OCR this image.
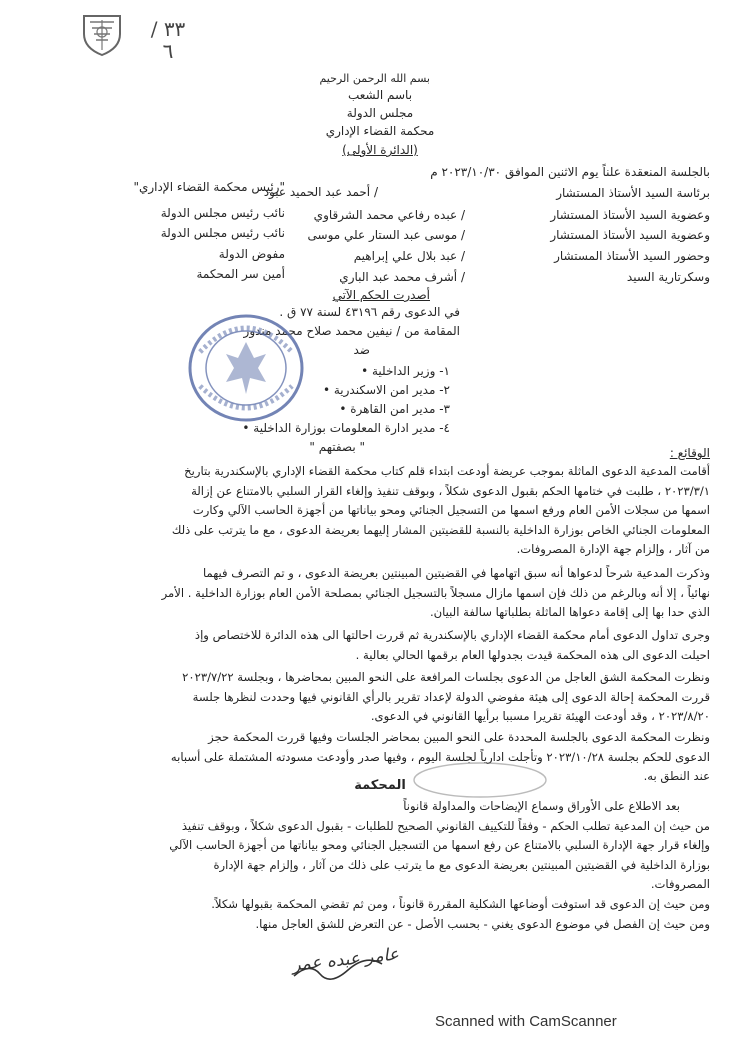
٣٣ / ٦
بسم الله الرحمن الرحيم
باسم الشعب
مجلس الدولة
محكمة القضاء الإداري
(الدائرة الأولى)
بالجلسة المنعقدة علناً يوم الاثنين الموافق ٢٠٢٣/١٠/٣٠ م
برئاسة السيد الأستاذ المستشار
وعضوية السيد الأستاذ المستشار
وعضوية السيد الأستاذ المستشار
وحضور السيد الأستاذ المستشار
وسكرتارية السيد
/ أحمد عبد الحميد عبود
/ عبده رفاعي محمد الشرقاوي
/ موسى عبد الستار علي موسى
/ عبد بلال علي إبراهيم
/ أشرف محمد عبد الباري
"رئيس محكمة القضاء الإداري"
نائب رئيس مجلس الدولة
نائب رئيس مجلس الدولة
مفوض الدولة
أمين سر المحكمة
أصدرت الحكم الآتي
في الدعوى رقم ٤٣١٩٦ لسنة ٧٧ ق .
المقامة من / نيفين محمد صلاح محمد مندور
ضد
١- وزير الداخلية •
٢- مدير امن الاسكندرية •
٣- مدير امن القاهرة •
٤- مدير ادارة المعلومات بوزارة الداخلية •
" بصفتهم "	الوقائع :
أقامت المدعية الدعوى الماثلة بموجب عريضة أودعت ابتداء قلم كتاب محكمة القضاء الإداري بالإسكندرية بتاريخ
٢٠٢٣/٣/١ ، طلبت في ختامها الحكم بقبول الدعوى شكلاً ، وبوقف تنفيذ وإلغاء القرار السلبي بالامتناع عن إزالة
اسمها من سجلات الأمن العام ورفع اسمها من التسجيل الجنائي ومحو بياناتها من أجهزة الحاسب الآلي وكارت
المعلومات الجنائي الخاص بوزارة الداخلية بالنسبة للقضيتين المشار إليهما بعريضة الدعوى ، مع ما يترتب على ذلك
من آثار ، وإلزام جهة الإدارة المصروفات.
وذكرت المدعية شرحاً لدعواها أنه سبق اتهامها في القضيتين المبينتين بعريضة الدعوى ، و تم التصرف فيهما
نهائياً ، إلا أنه وبالرغم من ذلك فإن اسمها مازال مسجلاً بالتسجيل الجنائي بمصلحة الأمن العام بوزارة الداخلية . الأمر
الذي حدا بها إلى إقامة دعواها الماثلة بطلباتها سالفة البيان.
وجرى تداول الدعوى أمام محكمة القضاء الإداري بالإسكندرية ثم قررت احالتها الى هذه الدائرة للاختصاص وإذ
احيلت الدعوى الى هذه المحكمة قيدت بجدولها العام برقمها الحالي بعالية .
ونظرت المحكمة الشق العاجل من الدعوى بجلسات المرافعة على النحو المبين بمحاضرها ، وبجلسة ٢٠٢٣/٧/٢٢
قررت المحكمة إحالة الدعوى إلى هيئة مفوضي الدولة لإعداد تقرير بالرأي القانوني فيها وحددت لنظرها جلسة
٢٠٢٣/٨/٢٠ ، وقد أودعت الهيئة تقريرا مسببا برأيها القانوني في الدعوى.
ونظرت المحكمة الدعوى بالجلسة المحددة على النحو المبين بمحاضر الجلسات وفيها قررت المحكمة حجز
الدعوى للحكم بجلسة ٢٠٢٣/١٠/٢٨ وتأجلت ادارياً لجلسة اليوم ، وفيها صدر وأودعت مسودته المشتملة على أسبابه
عند النطق به.
المحكمة
بعد الاطلاع على الأوراق وسماع الإيضاحات والمداولة قانوناً
من حيث إن المدعية تطلب الحكم - وفقاً للتكييف القانوني الصحيح للطلبات - بقبول الدعوى شكلاً ، وبوقف تنفيذ
وإلغاء قرار جهة الإدارة السلبي بالامتناع عن رفع اسمها من التسجيل الجنائي ومحو بياناتها من أجهزة الحاسب الآلي
بوزارة الداخلية في القضيتين المبينتين بعريضة الدعوى مع ما يترتب على ذلك من آثار ، وإلزام جهة الإدارة
المصروفات.
ومن حيث إن الدعوى قد استوفت أوضاعها الشكلية المقررة قانوناً ، ومن ثم تقضي المحكمة بقبولها شكلاً.
ومن حيث إن الفصل في موضوع الدعوى يغني - بحسب الأصل - عن التعرض للشق العاجل منها.
عامر عبده عمر
Scanned with CamScanner
